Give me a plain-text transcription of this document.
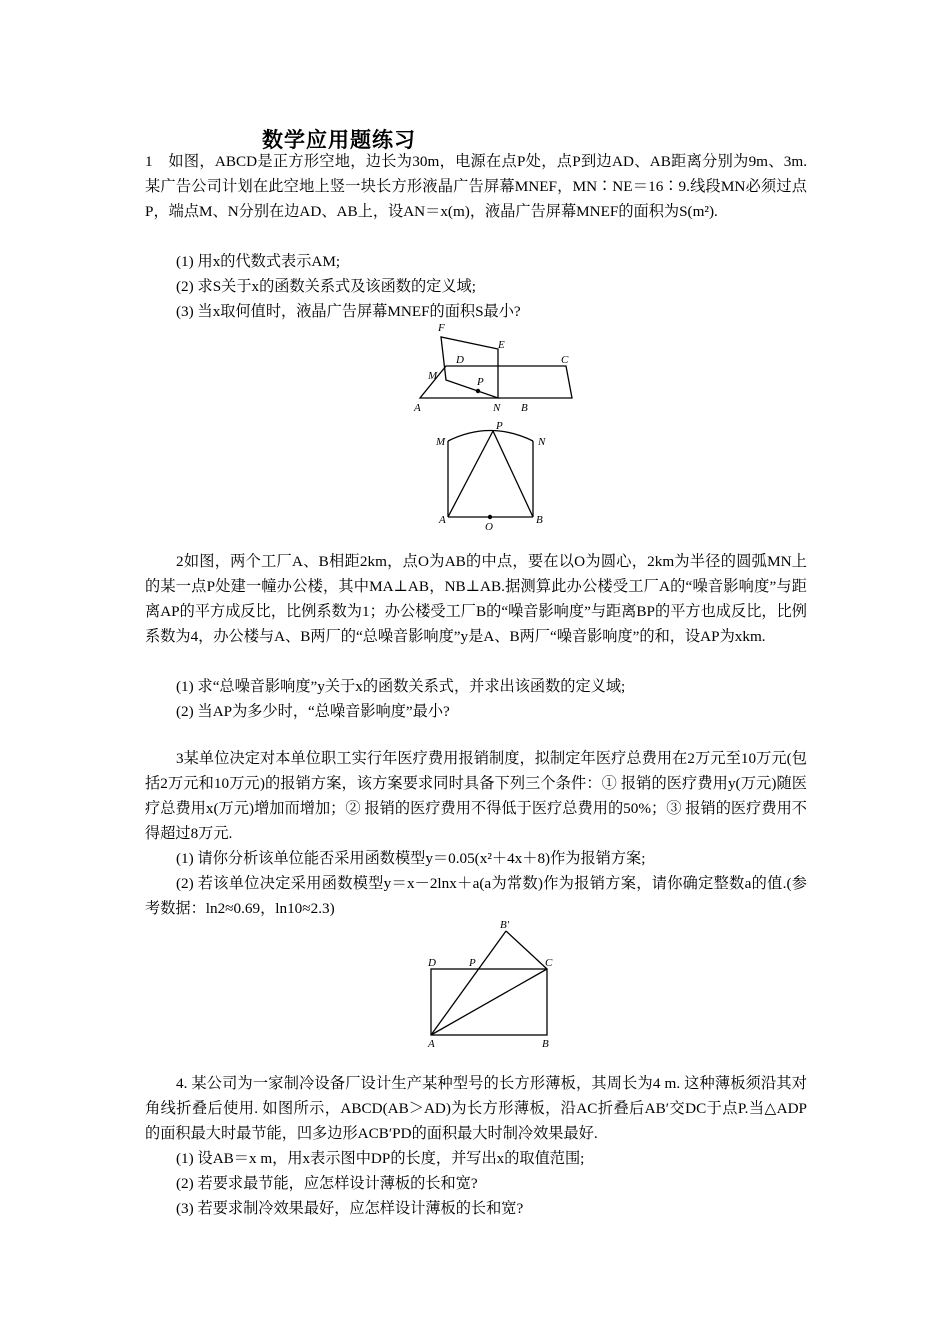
数学应用题练习
1　如图，ABCD是正方形空地，边长为30m，电源在点P处，点P到边AD、AB距离分别为9m、3m.某广告公司计划在此空地上竖一块长方形液晶广告屏幕MNEF，MN∶NE＝16∶9.线段MN必须过点P，端点M、N分别在边AD、AB上，设AN＝x(m)，液晶广告屏幕MNEF的面积为S(m²).
(1) 用x的代数式表示AM;
(2) 求S关于x的函数关系式及该函数的定义域;
(3) 当x取何值时，液晶广告屏幕MNEF的面积S最小?
F
E
D	C
M	P
A	N B
P
M	N
A
O
B
2如图，两个工厂A、B相距2km，点O为AB的中点，要在以O为圆心，2km为半径的圆弧MN上的某一点P处建一幢办公楼，其中MA⊥AB，NB⊥AB.据测算此办公楼受工厂A的“噪音影响度”与距离AP的平方成反比，比例系数为1；办公楼受工厂B的“噪音影响度”与距离BP的平方也成反比，比例系数为4，办公楼与A、B两厂的“总噪音影响度”y是A、B两厂“噪音影响度”的和，设AP为xkm.
(1) 求“总噪音影响度”y关于x的函数关系式，并求出该函数的定义域;
(2) 当AP为多少时，“总噪音影响度”最小?
3某单位决定对本单位职工实行年医疗费用报销制度，拟制定年医疗总费用在2万元至10万元(包括2万元和10万元)的报销方案，该方案要求同时具备下列三个条件：① 报销的医疗费用y(万元)随医疗总费用x(万元)增加而增加；② 报销的医疗费用不得低于医疗总费用的50%；③ 报销的医疗费用不得超过8万元.
(1) 请你分析该单位能否采用函数模型y＝0.05(x²＋4x＋8)作为报销方案;
(2) 若该单位决定采用函数模型y＝x－2lnx＋a(a为常数)作为报销方案，请你确定整数a的值.(参考数据：ln2≈0.69，ln10≈2.3)
B′
D	P	C
A	B
4. 某公司为一家制冷设备厂设计生产某种型号的长方形薄板，其周长为4 m. 这种薄板须沿其对角线折叠后使用. 如图所示，ABCD(AB＞AD)为长方形薄板，沿AC折叠后AB′交DC于点P.当△ADP的面积最大时最节能，凹多边形ACB′PD的面积最大时制冷效果最好.
(1) 设AB＝x m，用x表示图中DP的长度，并写出x的取值范围;
(2) 若要求最节能，应怎样设计薄板的长和宽?
(3) 若要求制冷效果最好，应怎样设计薄板的长和宽?
